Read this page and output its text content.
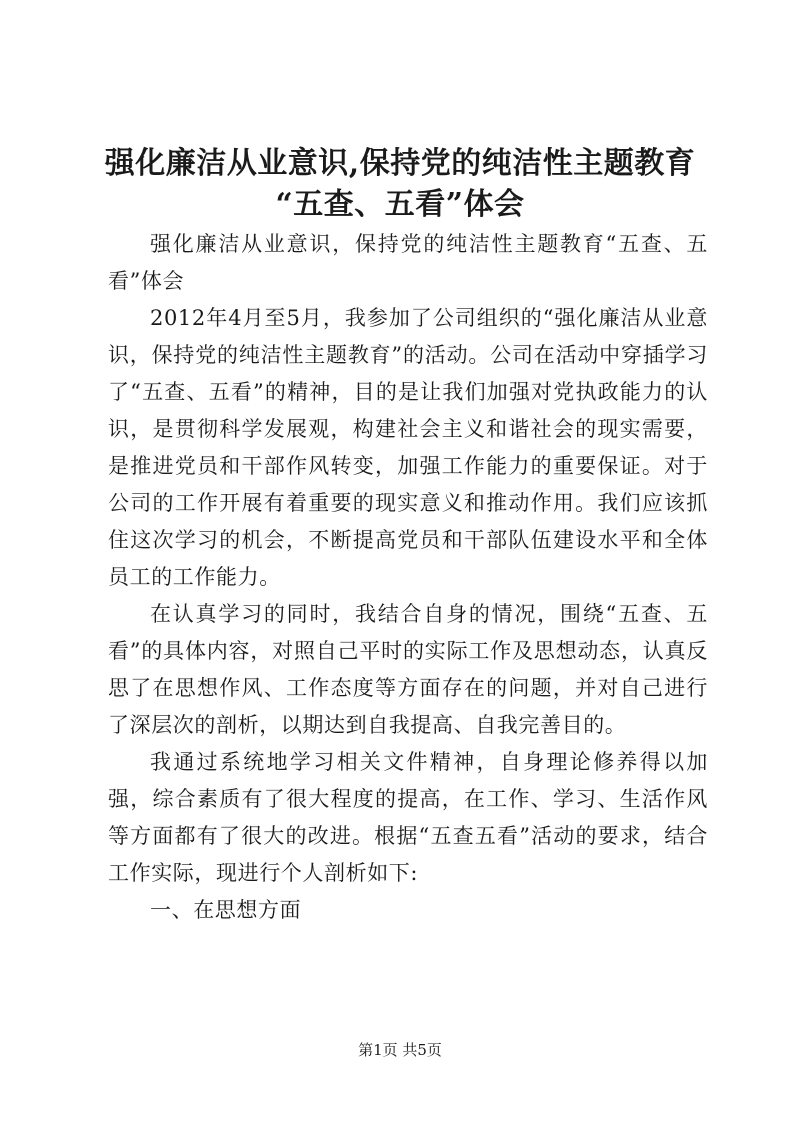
强化廉洁从业意识,保持党的纯洁性主题教育
“五查、五看”体会

强化廉洁从业意识，保持党的纯洁性主题教育“五查、五看”体会

2012年4月至5月，我参加了公司组织的“强化廉洁从业意识，保持党的纯洁性主题教育”的活动。公司在活动中穿插学习了“五查、五看”的精神，目的是让我们加强对党执政能力的认识，是贯彻科学发展观，构建社会主义和谐社会的现实需要，是推进党员和干部作风转变，加强工作能力的重要保证。对于公司的工作开展有着重要的现实意义和推动作用。我们应该抓住这次学习的机会，不断提高党员和干部队伍建设水平和全体员工的工作能力。

在认真学习的同时，我结合自身的情况，围绕“五查、五看”的具体内容，对照自己平时的实际工作及思想动态，认真反思了在思想作风、工作态度等方面存在的问题，并对自己进行了深层次的剖析，以期达到自我提高、自我完善目的。

我通过系统地学习相关文件精神，自身理论修养得以加强，综合素质有了很大程度的提高，在工作、学习、生活作风等方面都有了很大的改进。根据“五查五看”活动的要求，结合工作实际，现进行个人剖析如下:

一、在思想方面

第1页 共5页
